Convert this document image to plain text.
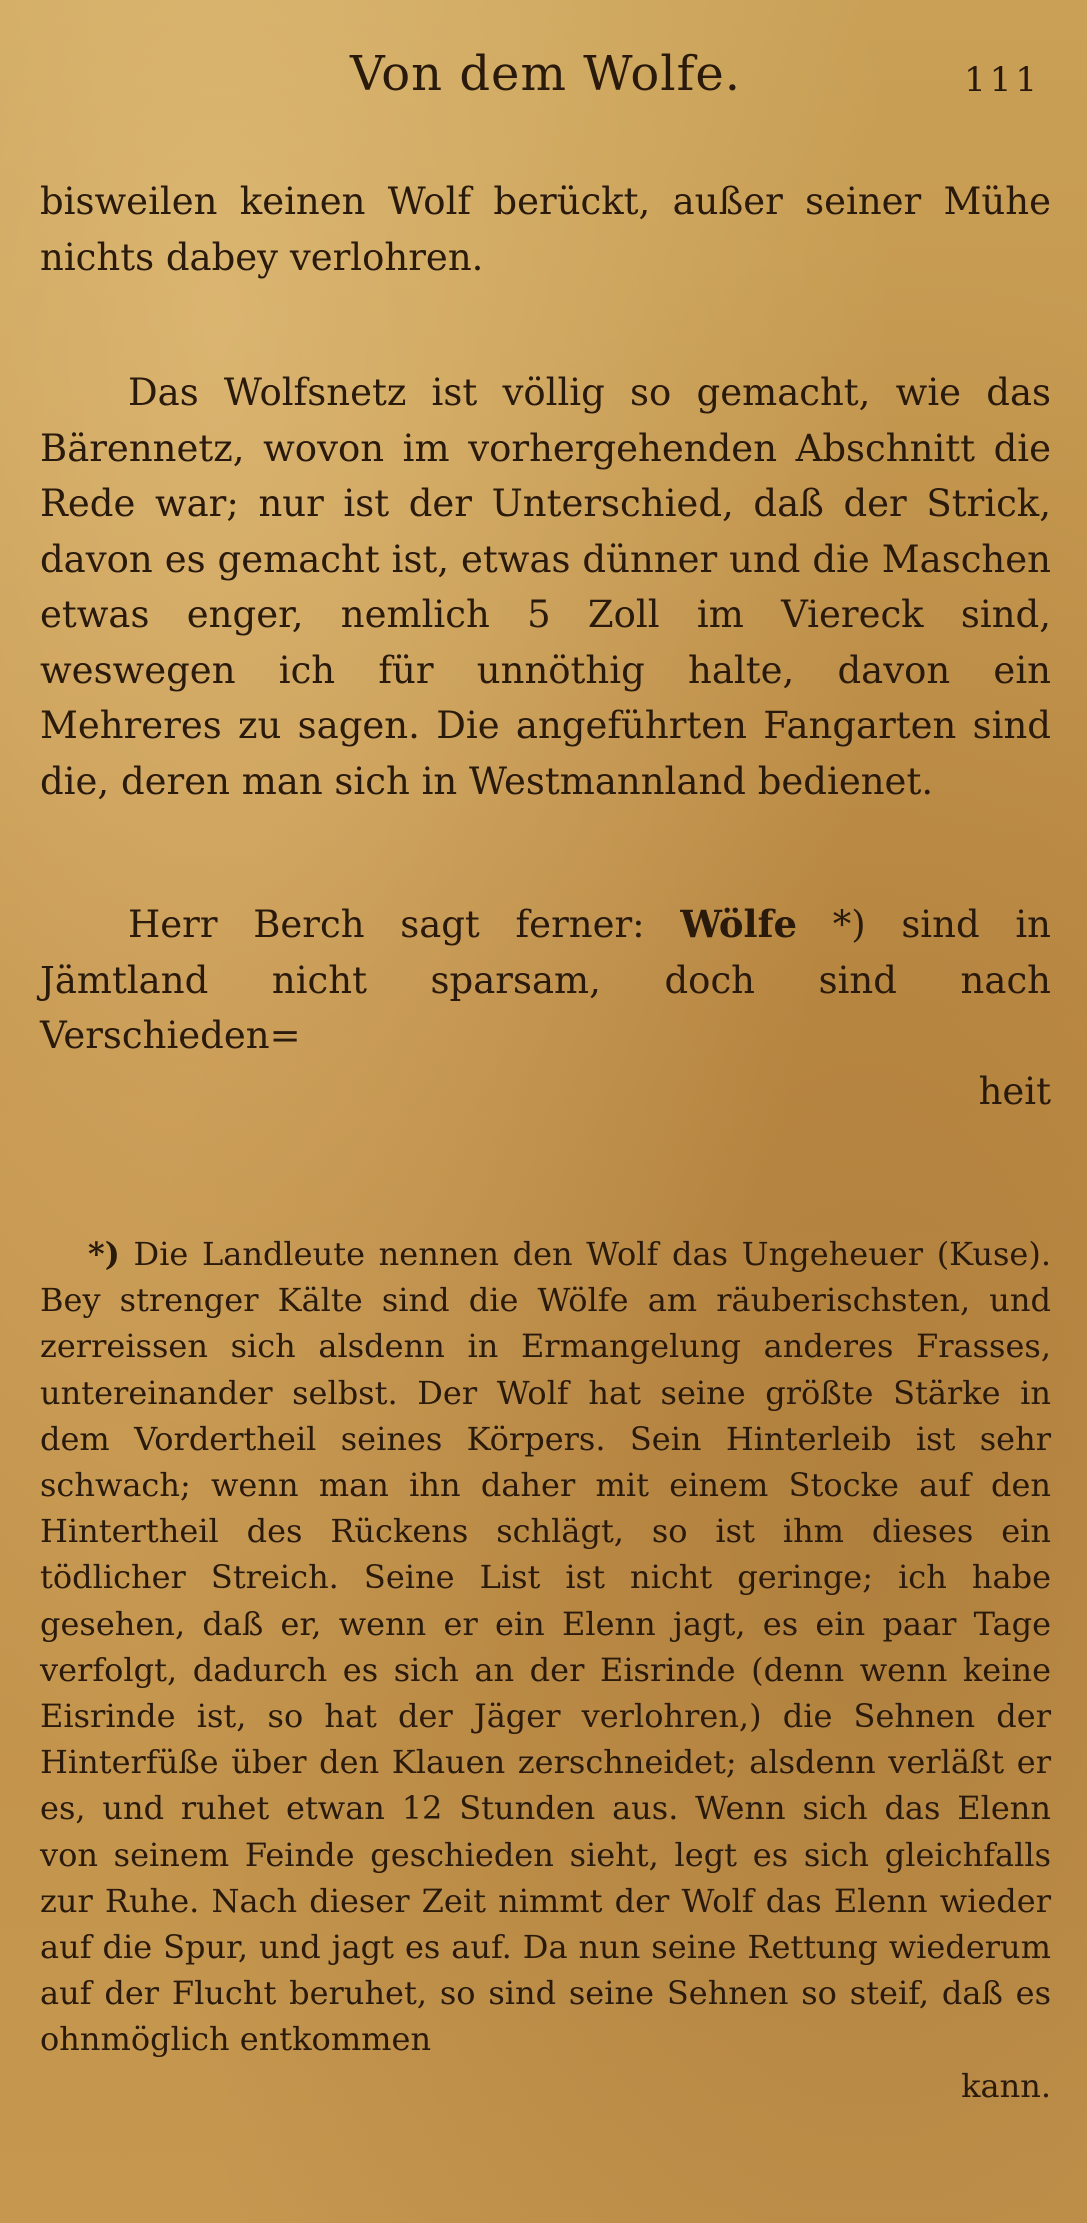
Von dem Wolfe.	111

bisweilen keinen Wolf berückt, außer seiner Mühe nichts dabey verlohren.

Das Wolfsnetz ist völlig so gemacht, wie das Bärennetz, wovon im vorhergehenden Abschnitt die Rede war; nur ist der Unterschied, daß der Strick, davon es gemacht ist, etwas dünner und die Maschen etwas enger, nemlich 5 Zoll im Viereck sind, weswegen ich für unnöthig halte, davon ein Mehreres zu sagen. Die angeführten Fangarten sind die, deren man sich in Westmannland bedienet.

Herr Berch sagt ferner: Wölfe *) sind in Jämtland nicht sparsam, doch sind nach Verschieden=
heit

*) Die Landleute nennen den Wolf das Ungeheuer (Kuse). Bey strenger Kälte sind die Wölfe am räuberischsten, und zerreissen sich alsdenn in Ermangelung anderes Frasses, untereinander selbst. Der Wolf hat seine größte Stärke in dem Vordertheil seines Körpers. Sein Hinterleib ist sehr schwach; wenn man ihn daher mit einem Stocke auf den Hintertheil des Rückens schlägt, so ist ihm dieses ein tödlicher Streich. Seine List ist nicht geringe; ich habe gesehen, daß er, wenn er ein Elenn jagt, es ein paar Tage verfolgt, dadurch es sich an der Eisrinde (denn wenn keine Eisrinde ist, so hat der Jäger verlohren,) die Sehnen der Hinterfüße über den Klauen zerschneidet; alsdenn verläßt er es, und ruhet etwan 12 Stunden aus. Wenn sich das Elenn von seinem Feinde geschieden sieht, legt es sich gleichfalls zur Ruhe. Nach dieser Zeit nimmt der Wolf das Elenn wieder auf die Spur, und jagt es auf. Da nun seine Rettung wiederum auf der Flucht beruhet, so sind seine Sehnen so steif, daß es ohnmöglich entkommen
kann.
